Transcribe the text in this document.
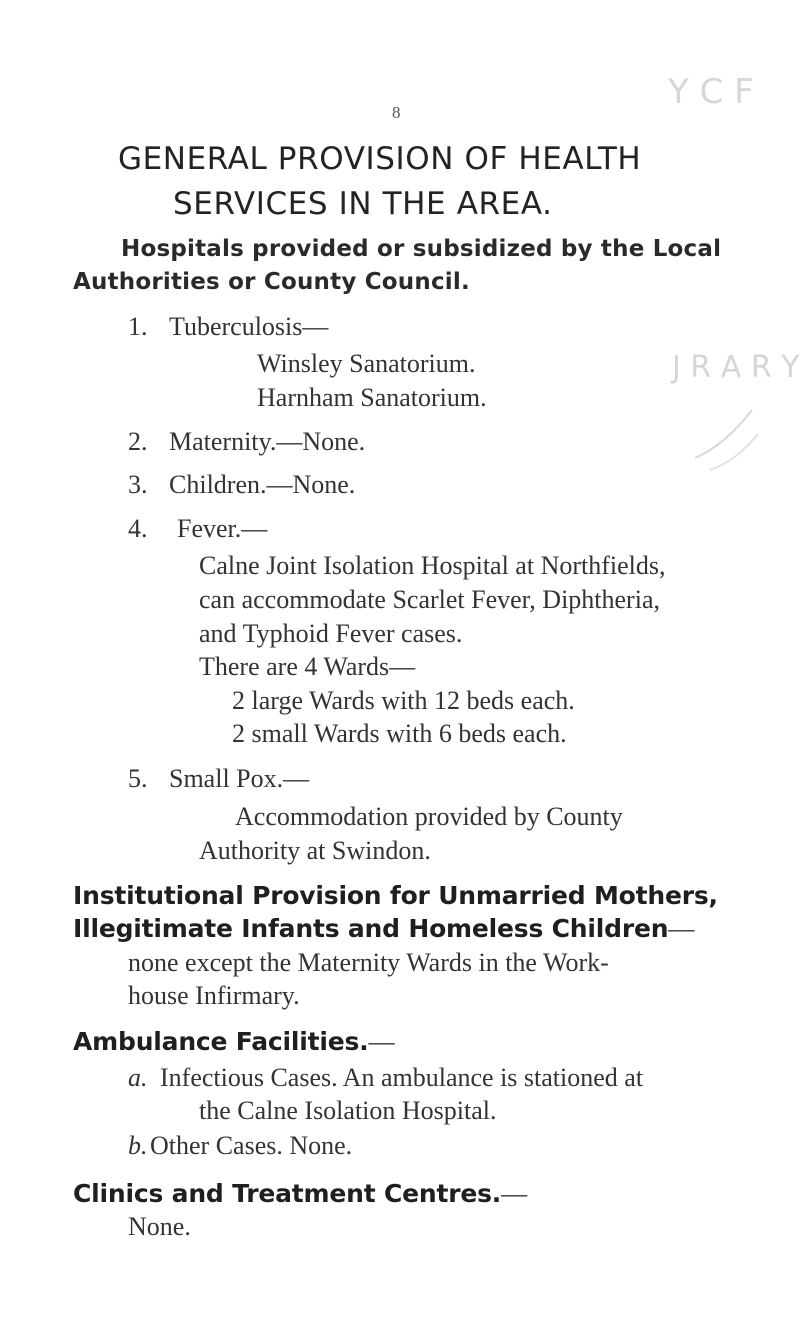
8
Y C F
J R A R Y
GENERAL PROVISION OF HEALTH
SERVICES IN THE AREA.
Hospitals provided or subsidized by the Local
Authorities or County Council.
1. Tuberculosis—
Winsley Sanatorium.
Harnham Sanatorium.
2. Maternity.—None.
3. Children.—None.
4. Fever.—
Calne Joint Isolation Hospital at Northfields,
can accommodate Scarlet Fever, Diphtheria,
and Typhoid Fever cases.
There are 4 Wards—
2 large Wards with 12 beds each.
2 small Wards with 6 beds each.
5. Small Pox.—
Accommodation provided by County
Authority at Swindon.
Institutional Provision for Unmarried Mothers,
Illegitimate Infants and Homeless Children—
none except the Maternity Wards in the Work-
house Infirmary.
Ambulance Facilities.—
a. Infectious Cases. An ambulance is stationed at
the Calne Isolation Hospital.
b. Other Cases. None.
Clinics and Treatment Centres.—
None.
